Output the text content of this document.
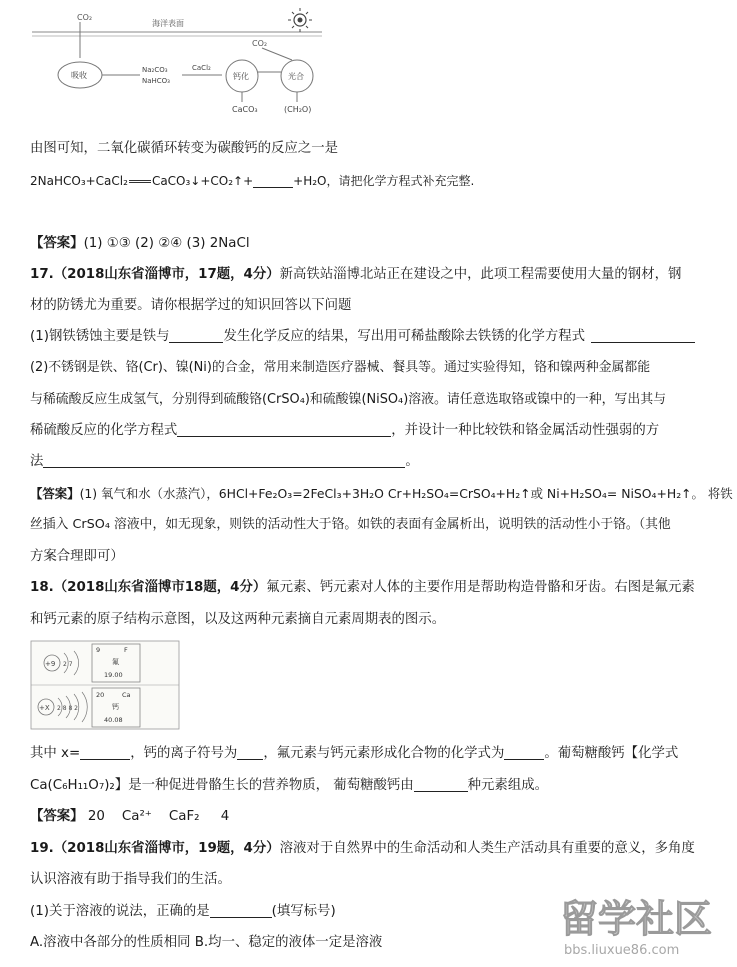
海洋表面
CO₂
吸收
Na₂CO₃
NaHCO₃
CaCl₂
钙化	光合
CO₂
CaCO₃	(CH₂O)
由图可知，二氧化碳循环转变为碳酸钙的反应之一是
2NaHCO₃+CaCl₂ CaCO₃↓+CO₂↑+	+H₂O，请把化学方程式补充完整.
【答案】(1) ①③ (2) ②④ (3) 2NaCl
17.（2018山东省淄博市，17题，4分）新高铁站淄博北站正在建设之中，此项工程需要使用大量的钢材，钢
材的防锈尤为重要。请你根据学过的知识回答以下问题
(1)钢铁锈蚀主要是铁与	发生化学反应的结果，写出用可稀盐酸除去铁锈的化学方程式
(2)不锈钢是铁、铬(Cr)、镍(Ni)的合金，常用来制造医疗器械、餐具等。通过实验得知，铬和镍两种金属都能
与稀硫酸反应生成氢气，分别得到硫酸铬(CrSO₄)和硫酸镍(NiSO₄)溶液。请任意选取铬或镍中的一种，写出其与
稀硫酸反应的化学方程式	，并设计一种比较铁和铬金属活动性强弱的方
法	。
【答案】(1) 氧气和水（水蒸汽），6HCl+Fe₂O₃=2FeCl₃+3H₂O Cr+H₂SO₄=CrSO₄+H₂↑或 Ni+H₂SO₄= NiSO₄+H₂↑。 将铁
丝插入 CrSO₄ 溶液中，如无现象，则铁的活动性大于铬。如铁的表面有金属析出，说明铁的活动性小于铬。（其他
方案合理即可）
18.（2018山东省淄博市18题，4分）氟元素、钙元素对人体的主要作用是帮助构造骨骼和牙齿。右图是氟元素
和钙元素的原子结构示意图，以及这两种元素摘自元素周期表的图示。
+9 2 7
9	F
氟
19.00
+X 2 8 8 2
20	Ca
钙
40.08
其中 x=	，钙的离子符号为 ，氟元素与钙元素形成化合物的化学式为	。葡萄糖酸钙【化学式
Ca(C₆H₁₁O₇)₂】是一种促进骨骼生长的营养物质， 葡萄糖酸钙由	种元素组成。
【答案】 20    Ca²⁺    CaF₂     4
19.（2018山东省淄博市，19题，4分）溶液对于自然界中的生命活动和人类生产活动具有重要的意义，多角度
认识溶液有助于指导我们的生活。
(1)关于溶液的说法，正确的是	(填写标号)
A.溶液中各部分的性质相同 B.均一、稳定的液体一定是溶液
留学社区
bbs.liuxue86.com
